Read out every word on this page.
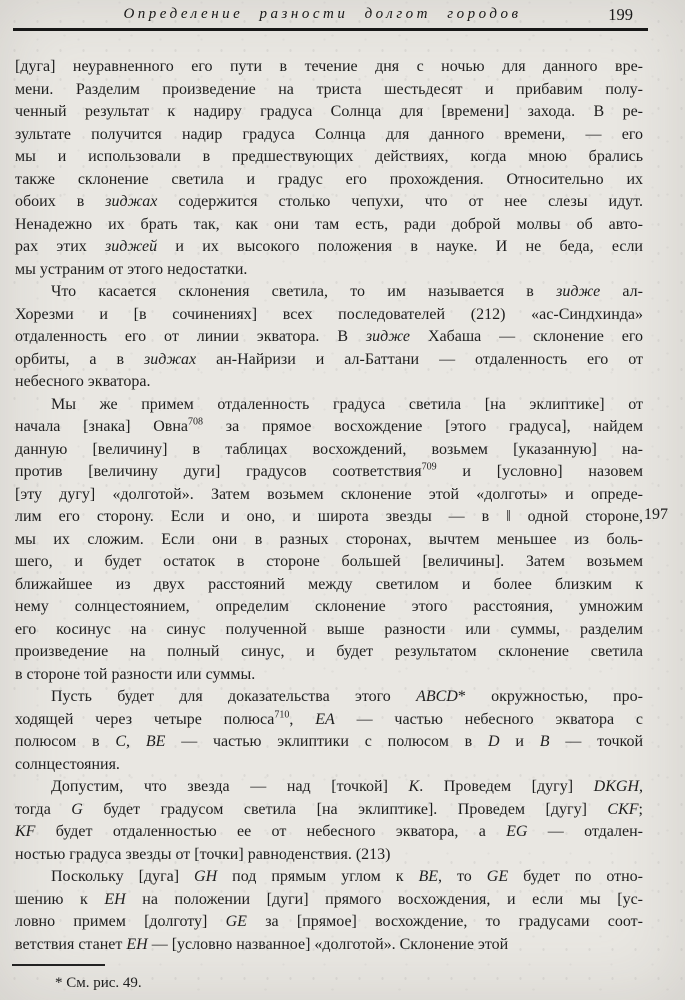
Определение разности долгот городов	199
[дуга] неуравненного его пути в течение дня с ночью для данного вре-
мени. Разделим произведение на триста шестьдесят и прибавим полу-
ченный результат к надиру градуса Солнца для [времени] захода. В ре-
зультате получится надир градуса Солнца для данного времени, — его
мы и использовали в предшествующих действиях, когда мною брались
также склонение светила и градус его прохождения. Относительно их
обоих в зиджах содержится столько чепухи, что от нее слезы идут.
Ненадежно их брать так, как они там есть, ради доброй молвы об авто-
рах этих зиджей и их высокого положения в науке. И не беда, если
мы устраним от этого недостатки.
Что касается склонения светила, то им называется в зидже ал-
Хорезми и [в сочинениях] всех последователей (212) «ас-Синдхинда»
отдаленность его от линии экватора. В зидже Хабаша — склонение его
орбиты, а в зиджах ан-Найризи и ал-Баттани — отдаленность его от
небесного экватора.
Мы же примем отдаленность градуса светила [на эклиптике] от
начала [знака] Овна$^{708}$ за прямое восхождение [этого градуса], найдем
данную [величину] в таблицах восхождений, возьмем [указанную] на-
против [величину дуги] градусов соответствия$^{709}$ и [условно] назовем
[эту дугу] «долготой». Затем возьмем склонение этой «долготы» и опреде-
лим его сторону. Если и оно, и широта звезды — в ‖ одной стороне,
мы их сложим. Если они в разных сторонах, вычтем меньшее из боль-
шего, и будет остаток в стороне большей [величины]. Затем возьмем
ближайшее из двух расстояний между светилом и более близким к
нему солнцестоянием, определим склонение этого расстояния, умножим
его косинус на синус полученной выше разности или суммы, разделим
произведение на полный синус, и будет результатом склонение светила
в стороне той разности или суммы.
Пусть будет для доказательства этого ABCD* окружностью, про-
ходящей через четыре полюса$^{710}$, EA — частью небесного экватора с
полюсом в C, BE — частью эклиптики с полюсом в D и B — точкой
солнцестояния.
Допустим, что звезда — над [точкой] K. Проведем [дугу] DKGH,
тогда G будет градусом светила [на эклиптике]. Проведем [дугу] CKF;
KF будет отдаленностью ее от небесного экватора, а EG — отдален-
ностью градуса звезды от [точки] равноденствия. (213)
Поскольку [дуга] GH под прямым углом к BE, то GE будет по отно-
шению к EH на положении [дуги] прямого восхождения, и если мы [ус-
ловно примем [долготу] GE за [прямое] восхождение, то градусами соот-
ветствия станет EH — [условно названное] «долготой». Склонение этой
197
* См. рис. 49.
